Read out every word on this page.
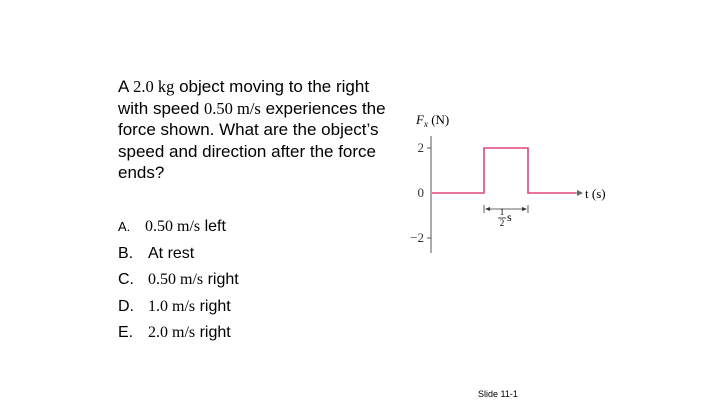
A 2.0 kg object moving to the right with speed 0.50 m/s experiences the force shown. What are the object’s speed and direction after the force ends?
A. 0.50 m/s left
B. At rest
C. 0.50 m/s right
D. 1.0 m/s right
E. 2.0 m/s right
$F_x$ (N)
2
0
−2
t (s)
1
2 s
Slide 11-1
